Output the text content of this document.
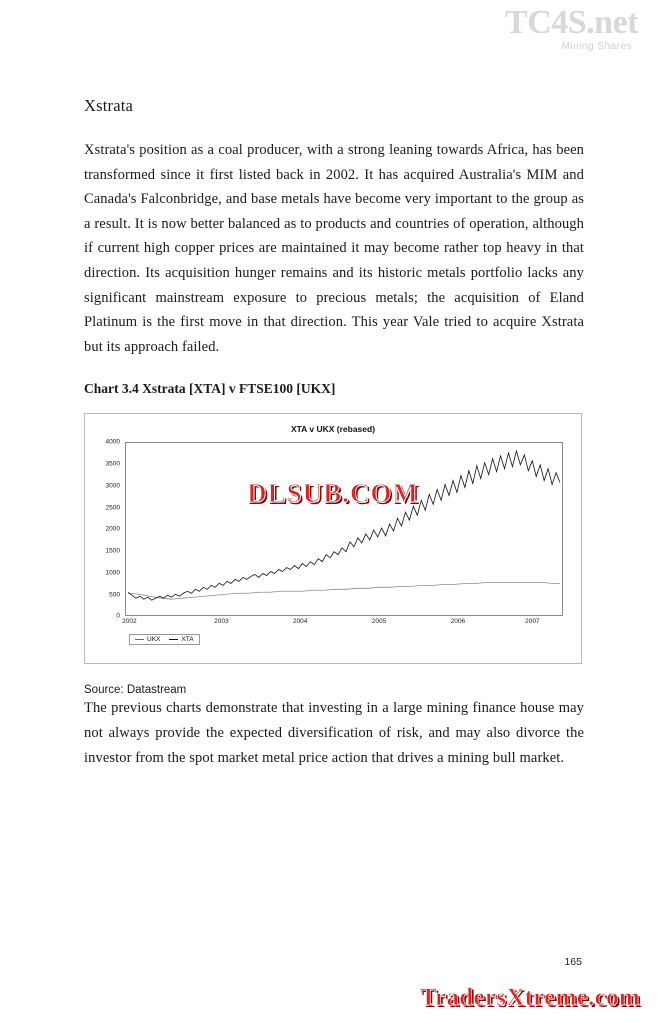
TC4S.net
Mining Shares
Xstrata

Xstrata's position as a coal producer, with a strong leaning towards Africa, has been transformed since it first listed back in 2002. It has acquired Australia's MIM and Canada's Falconbridge, and base metals have become very important to the group as a result. It is now better balanced as to products and countries of operation, although if current high copper prices are maintained it may become rather top heavy in that direction. Its acquisition hunger remains and its historic metals portfolio lacks any significant mainstream exposure to precious metals; the acquisition of Eland Platinum is the first move in that direction. This year Vale tried to acquire Xstrata but its approach failed.

Chart 3.4 Xstrata [XTA] v FTSE100 [UKX]
XTA v UKX (rebased)
4000
3500
3000
2500
2000
1500
1000
500
0
DLSUB.COM
2002	2003	2004	2005	2006	2007
UKX	XTA

Source: Datastream

The previous charts demonstrate that investing in a large mining finance house may not always provide the expected diversification of risk, and may also divorce the investor from the spot market metal price action that drives a mining bull market.

165
TradersXtreme.com
